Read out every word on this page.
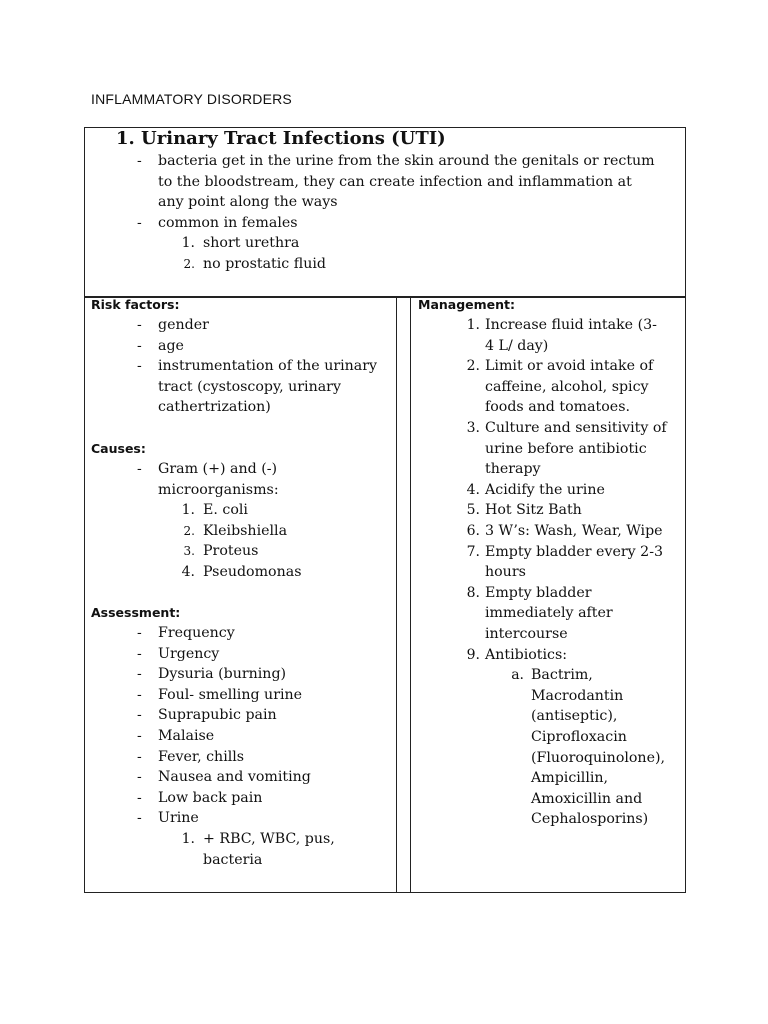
INFLAMMATORY DISORDERS
1. Urinary Tract Infections (UTI)
- bacteria get in the urine from the skin around the genitals or rectum
to the bloodstream, they can create infection and inflammation at
any point along the ways
- common in females
1. short urethra
2. no prostatic fluid
Risk factors:
- gender
- age
- instrumentation of the urinary
tract (cystoscopy, urinary
cathertrization)
Causes:
- Gram (+) and (-)
microorganisms:
1. E. coli
2. Kleibshiella
3. Proteus
4. Pseudomonas
Assessment:
- Frequency
- Urgency
- Dysuria (burning)
- Foul- smelling urine
- Suprapubic pain
- Malaise
- Fever, chills
- Nausea and vomiting
- Low back pain
- Urine
1. + RBC, WBC, pus,
bacteria
Management:
1. Increase fluid intake (3-
4 L/ day)
2. Limit or avoid intake of
caffeine, alcohol, spicy
foods and tomatoes.
3. Culture and sensitivity of
urine before antibiotic
therapy
4. Acidify the urine
5. Hot Sitz Bath
6. 3 W’s: Wash, Wear, Wipe
7. Empty bladder every 2-3
hours
8. Empty bladder
immediately after
intercourse
9. Antibiotics:
a. Bactrim,
Macrodantin
(antiseptic),
Ciprofloxacin
(Fluoroquinolone),
Ampicillin,
Amoxicillin and
Cephalosporins)
